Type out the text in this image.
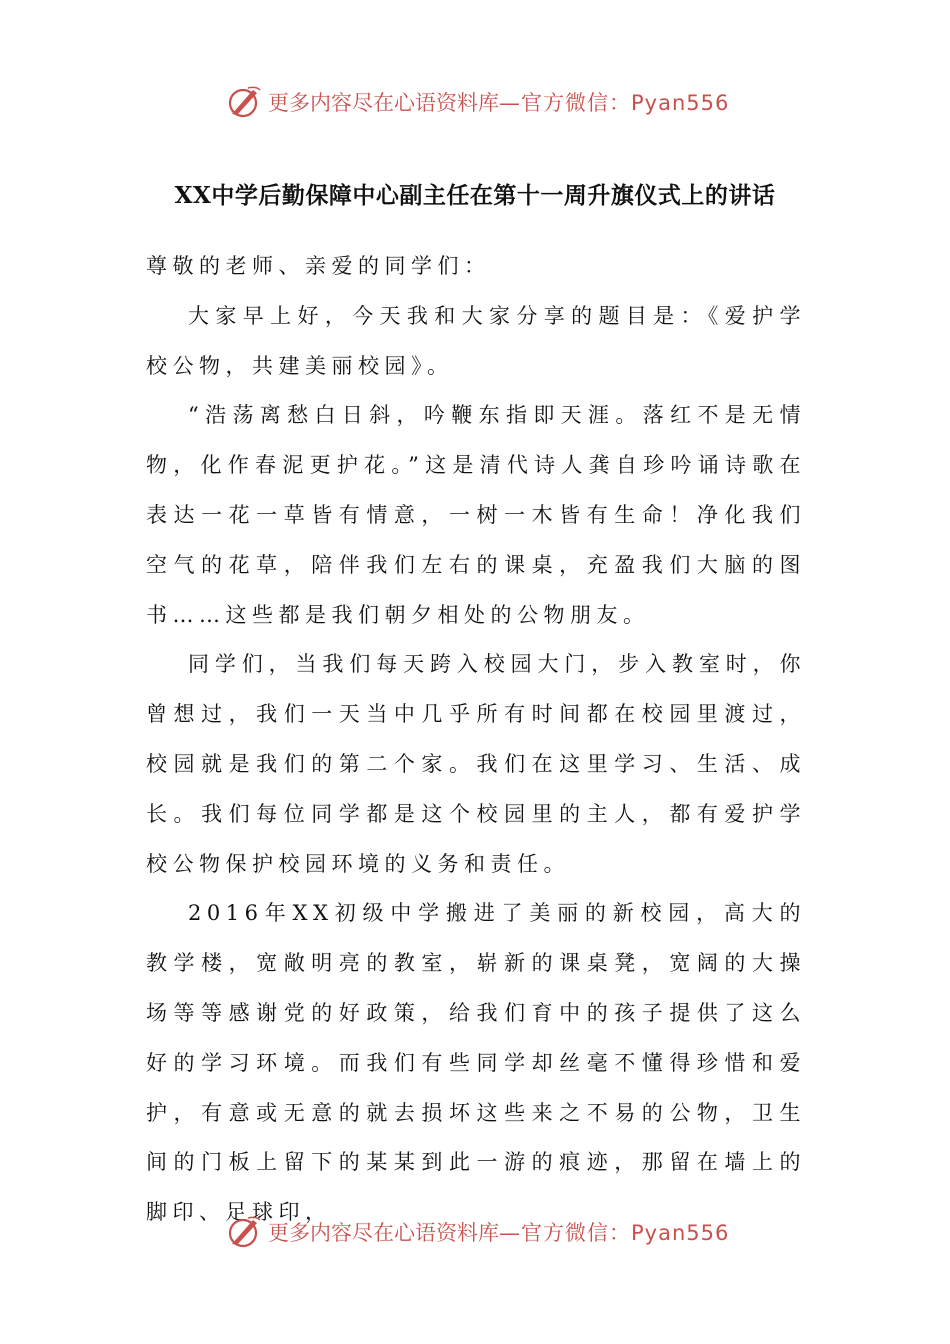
更多内容尽在心语资料库 —官方微信：Pyan556
XX中学后勤保障中心副主任在第十一周升旗仪式上的讲话

尊敬的老师、亲爱的同学们：

大家早上好，今天我和大家分享的题目是：《爱护学校公物，共建美丽校园》。

“浩荡离愁白日斜，吟鞭东指即天涯。落红不是无情物，化作春泥更护花。”这是清代诗人龚自珍吟诵诗歌在表达一花一草皆有情意，一树一木皆有生命！净化我们空气的花草，陪伴我们左右的课桌，充盈我们大脑的图书……这些都是我们朝夕相处的公物朋友。

同学们，当我们每天跨入校园大门，步入教室时，你曾想过，我们一天当中几乎所有时间都在校园里渡过，校园就是我们的第二个家。我们在这里学习、生活、成长。我们每位同学都是这个校园里的主人，都有爱护学校公物保护校园环境的义务和责任。

2016年XX初级中学搬进了美丽的新校园，高大的教学楼，宽敞明亮的教室，崭新的课桌凳，宽阔的大操场等等感谢党的好政策，给我们育中的孩子提供了这么好的学习环境。而我们有些同学却丝毫不懂得珍惜和爱护，有意或无意的就去损坏这些来之不易的公物，卫生间的门板上留下的某某到此一游的痕迹，那留在墙上的脚印、足球印，

更多内容尽在心语资料库 —官方微信：Pyan556
